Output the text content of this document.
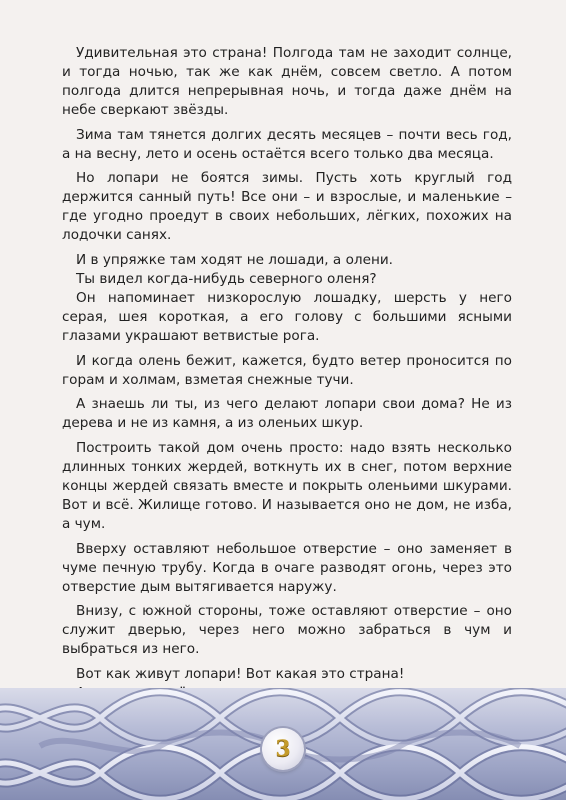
Удивительная это страна! Полгода там не заходит солнце, и тогда ночью, так же как днём, совсем светло. А потом полгода длится непрерывная ночь, и тогда даже днём на небе сверкают звёзды.

Зима там тянется долгих десять месяцев – почти весь год, а на весну, лето и осень остаётся всего только два месяца.

Но лопари не боятся зимы. Пусть хоть круглый год держится санный путь! Все они – и взрослые, и маленькие – где угодно проедут в своих небольших, лёгких, похожих на лодочки санях.

И в упряжке там ходят не лошади, а олени.

Ты видел когда-нибудь северного оленя?

Он напоминает низкорослую лошадку, шерсть у него серая, шея короткая, а его голову с большими ясными глазами украшают ветвистые рога.

И когда олень бежит, кажется, будто ветер проносится по горам и холмам, взметая снежные тучи.

А знаешь ли ты, из чего делают лопари свои дома? Не из дерева и не из камня, а из оленьих шкур.

Построить такой дом очень просто: надо взять несколько длинных тонких жердей, воткнуть их в снег, потом верхние концы жердей связать вместе и покрыть оленьими шкурами. Вот и всё. Жилище готово. И называется оно не дом, не изба, а чум.

Вверху оставляют небольшое отверстие – оно заменяет в чуме печную трубу. Когда в очаге разводят огонь, через это отверстие дым вытягивается наружу.

Внизу, с южной стороны, тоже оставляют отверстие – оно служит дверью, через него можно забраться в чум и выбраться из него.

Вот как живут лопари! Вот какая это страна!

3
